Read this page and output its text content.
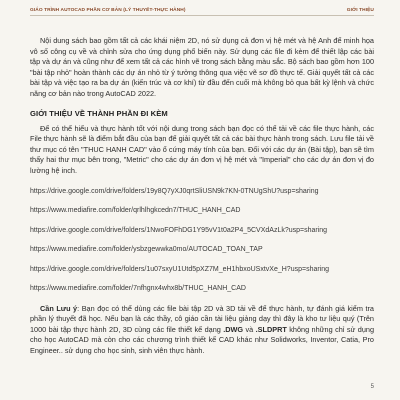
GIÁO TRÌNH AUTOCAD PHẦN CƠ BẢN (LÝ THUYẾT-THỰC HÀNH)	GIỚI THIỆU

Nội dung sách bao gồm tất cả các khái niệm 2D, nó sử dụng cả đơn vị hệ mét và hệ Anh để minh họa vô số công cụ về và chỉnh sửa cho ứng dụng phổ biến này. Sử dụng các file đi kèm để thiết lập các bài tập và dự án và cũng như để xem tất cả các hình vẽ trong sách bằng màu sắc. Bộ sách bao gồm hơn 100 "bài tập nhỏ" hoàn thành các dự án nhỏ từ ý tưởng thông qua việc vẽ sơ đồ thực tế. Giải quyết tất cả các bài tập và việc tạo ra ba dự án (kiến trúc và cơ khí) từ đầu đến cuối mà không bỏ qua bất kỳ lệnh và chức năng cơ bản nào trong AutoCAD 2022.

GIỚI THIỆU VỀ THÀNH PHẦN ĐI KÈM

Để có thể hiểu và thực hành tốt với nội dung trong sách bạn đọc có thể tải về các file thực hành, các File thực hành sẽ là điểm bắt đầu của bạn để giải quyết tất cả các bài thực hành trong sách. Lưu file tải về thư mục có tên "THUC HANH CAD" vào ổ cứng máy tính của bạn. Đối với các dự án (Bài tập), bạn sẽ tìm thấy hai thư mục bên trong, "Metric" cho các dự án đơn vị hệ mét và "Imperial" cho các dự án đơn vị đo lường hệ inch.

https://drive.google.com/drive/folders/19y8Q7yXJ0qrtSliUSN9k7KN-0TNUgShU?usp=sharing

https://www.mediafire.com/folder/qrlhlhgkcedn7/THUC_HANH_CAD

https://drive.google.com/drive/folders/1NwoFOFhDG1Y95vV1t0a2P4_5CVXdAzLk?usp=sharing

https://www.mediafire.com/folder/ysbzgewwka0mo/AUTOCAD_TOAN_TAP

https://drive.google.com/drive/folders/1u07sxyU1Utd5pXZ7M_eH1hbxoUSxtvXe_H?usp=sharing

https://www.mediafire.com/folder/7nfhgnx4whx8b/THUC_HANH_CAD

Cần Lưu ý: Bạn đọc có thể dùng các file bài tập 2D và 3D tải về để thực hành, tự đánh giá kiểm tra phần lý thuyết đã học. Nếu bạn là các thầy, cô giáo cần tài liệu giảng dạy thì đây là kho tư liệu quý (Trên 1000 bài tập thực hành 2D, 3D cùng các file thiết kế dạng .DWG và .SLDPRT không những chỉ sử dụng cho học AutoCAD mà còn cho các chương trình thiết kế CAD khác như Solidworks, Inventor, Catia, Pro Engineer.. sử dụng cho học sinh, sinh viên thực hành.

5
